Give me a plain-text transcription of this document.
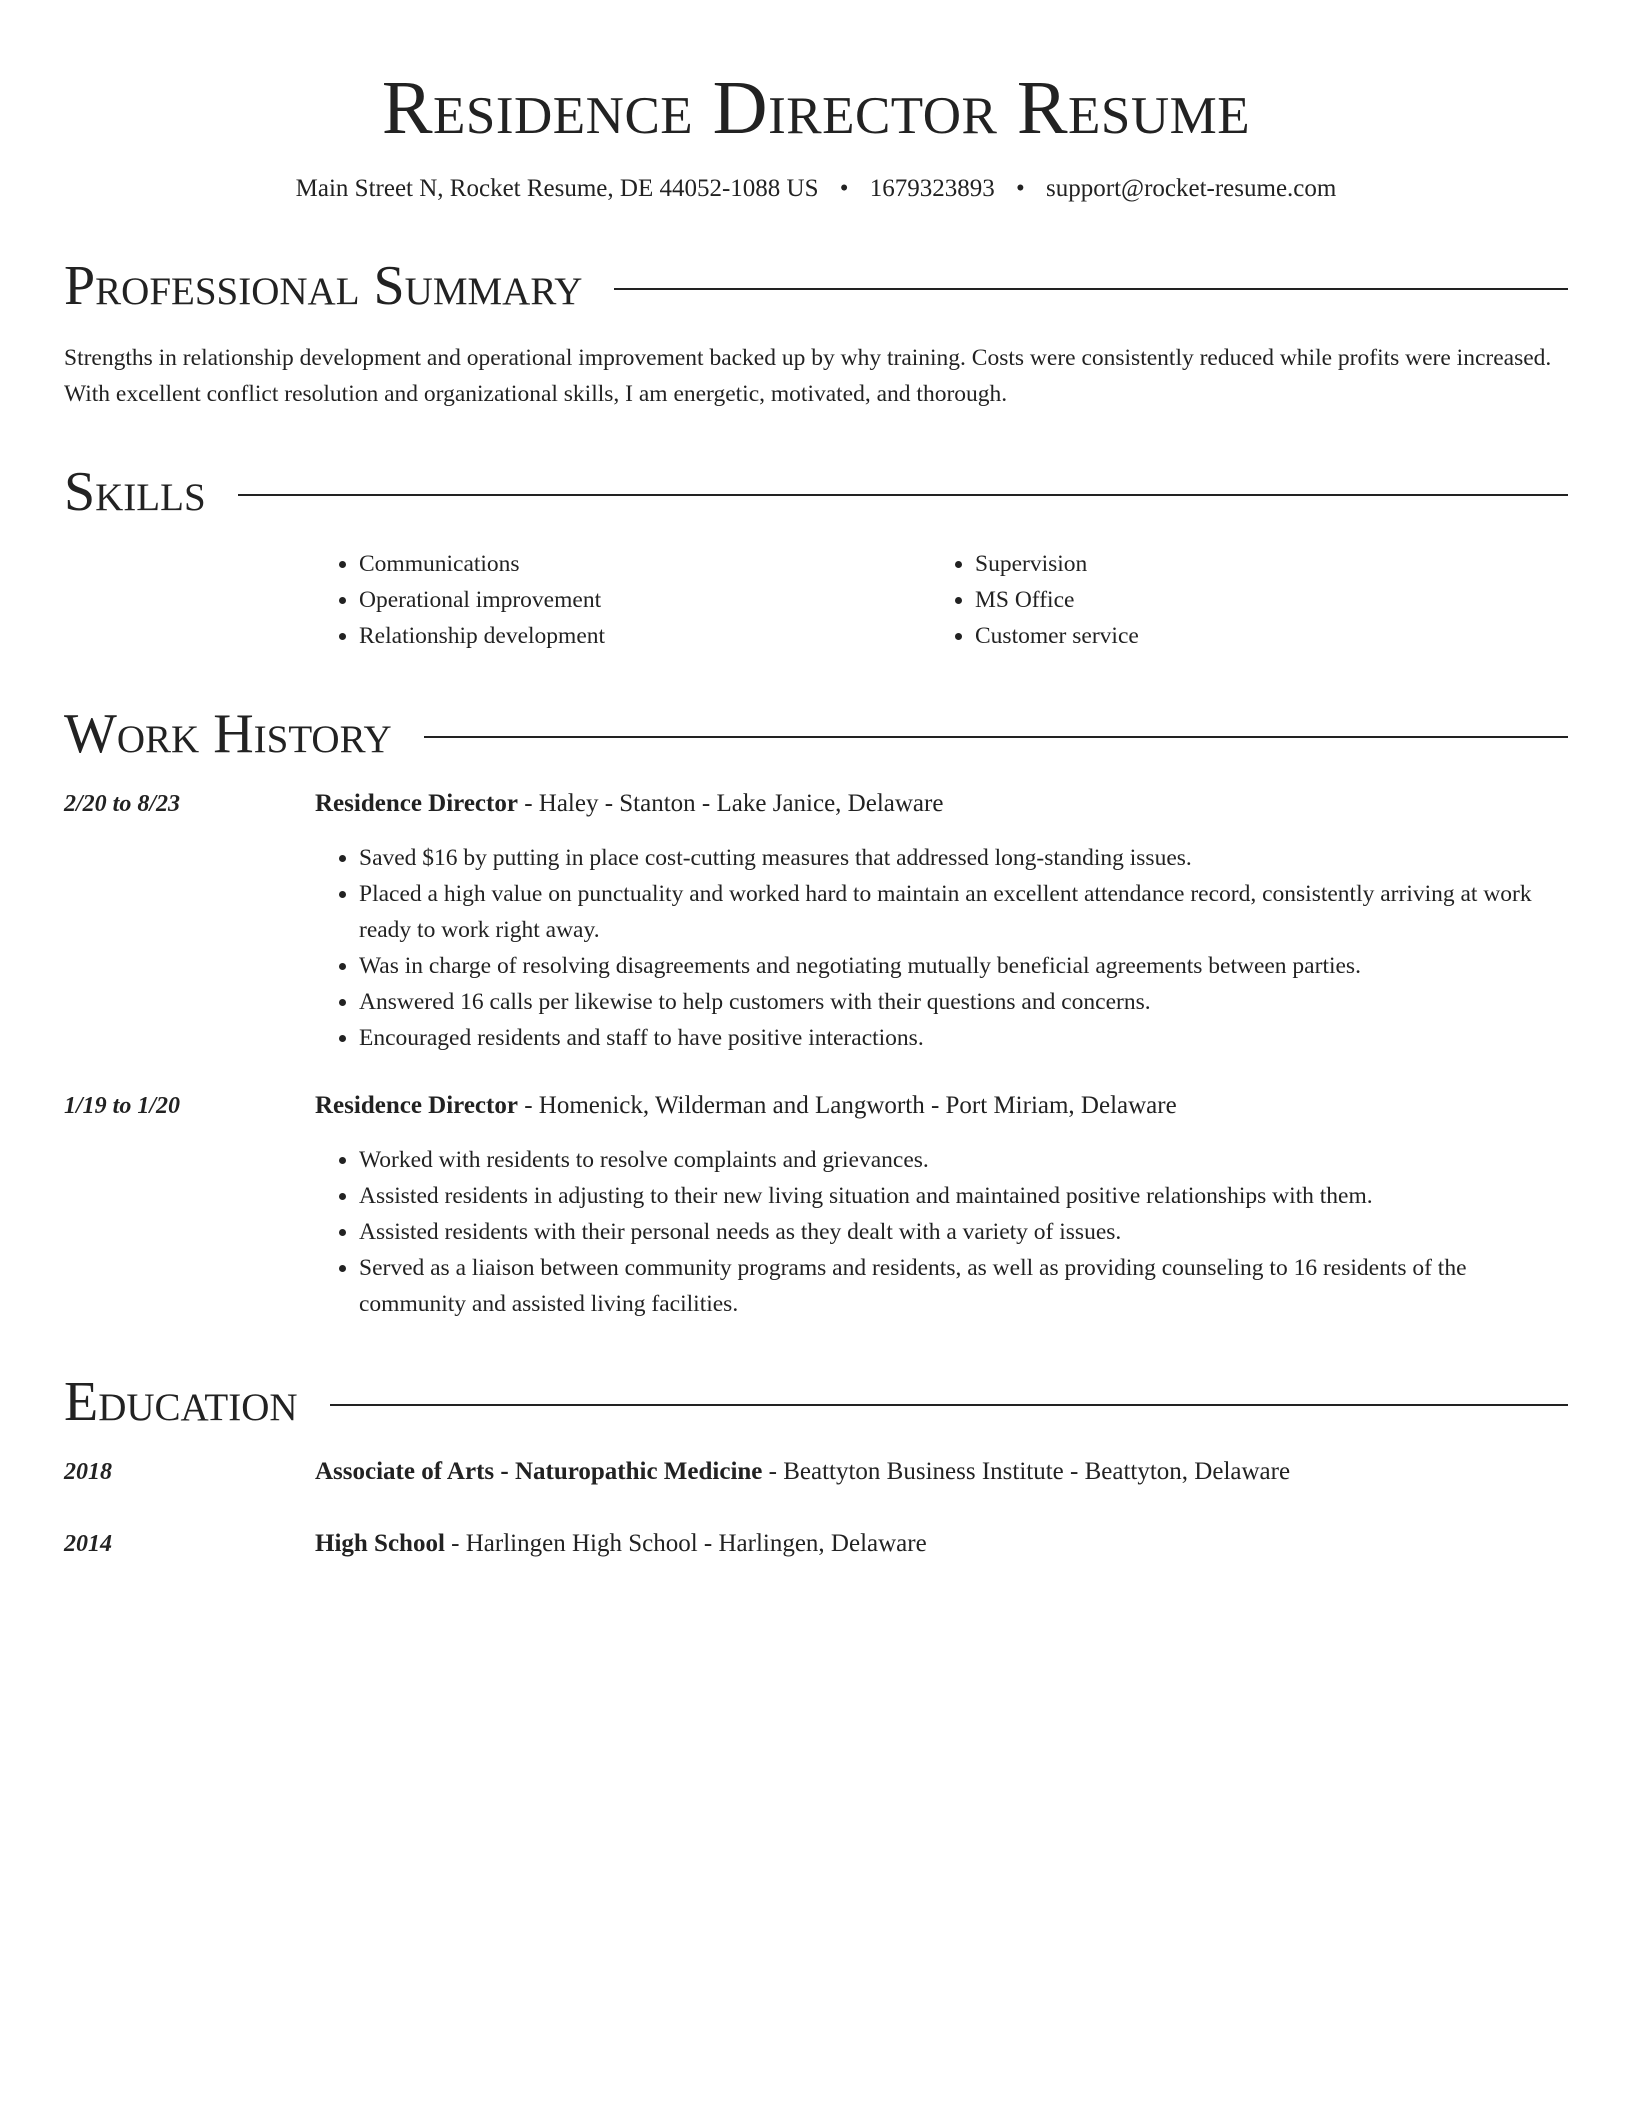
Residence Director Resume
Main Street N, Rocket Resume, DE 44052-1088 US • 1679323893 • support@rocket-resume.com
Professional Summary

Strengths in relationship development and operational improvement backed up by why training. Costs were consistently reduced while profits were increased. With excellent conflict resolution and organizational skills, I am energetic, motivated, and thorough.

Skills
• Communications
• Operational improvement
• Relationship development
• Supervision
• MS Office
• Customer service
Work History
2/20 to 8/23	Residence Director - Haley - Stanton - Lake Janice, Delaware
• Saved $16 by putting in place cost-cutting measures that addressed long-standing issues.
• Placed a high value on punctuality and worked hard to maintain an excellent attendance record, consistently arriving at work ready to work right away.
• Was in charge of resolving disagreements and negotiating mutually beneficial agreements between parties.
• Answered 16 calls per likewise to help customers with their questions and concerns.
• Encouraged residents and staff to have positive interactions.
1/19 to 1/20	Residence Director - Homenick, Wilderman and Langworth - Port Miriam, Delaware
• Worked with residents to resolve complaints and grievances.
• Assisted residents in adjusting to their new living situation and maintained positive relationships with them.
• Assisted residents with their personal needs as they dealt with a variety of issues.
• Served as a liaison between community programs and residents, as well as providing counseling to 16 residents of the community and assisted living facilities.
Education
2018	Associate of Arts - Naturopathic Medicine - Beattyton Business Institute - Beattyton, Delaware
2014	High School - Harlingen High School - Harlingen, Delaware
